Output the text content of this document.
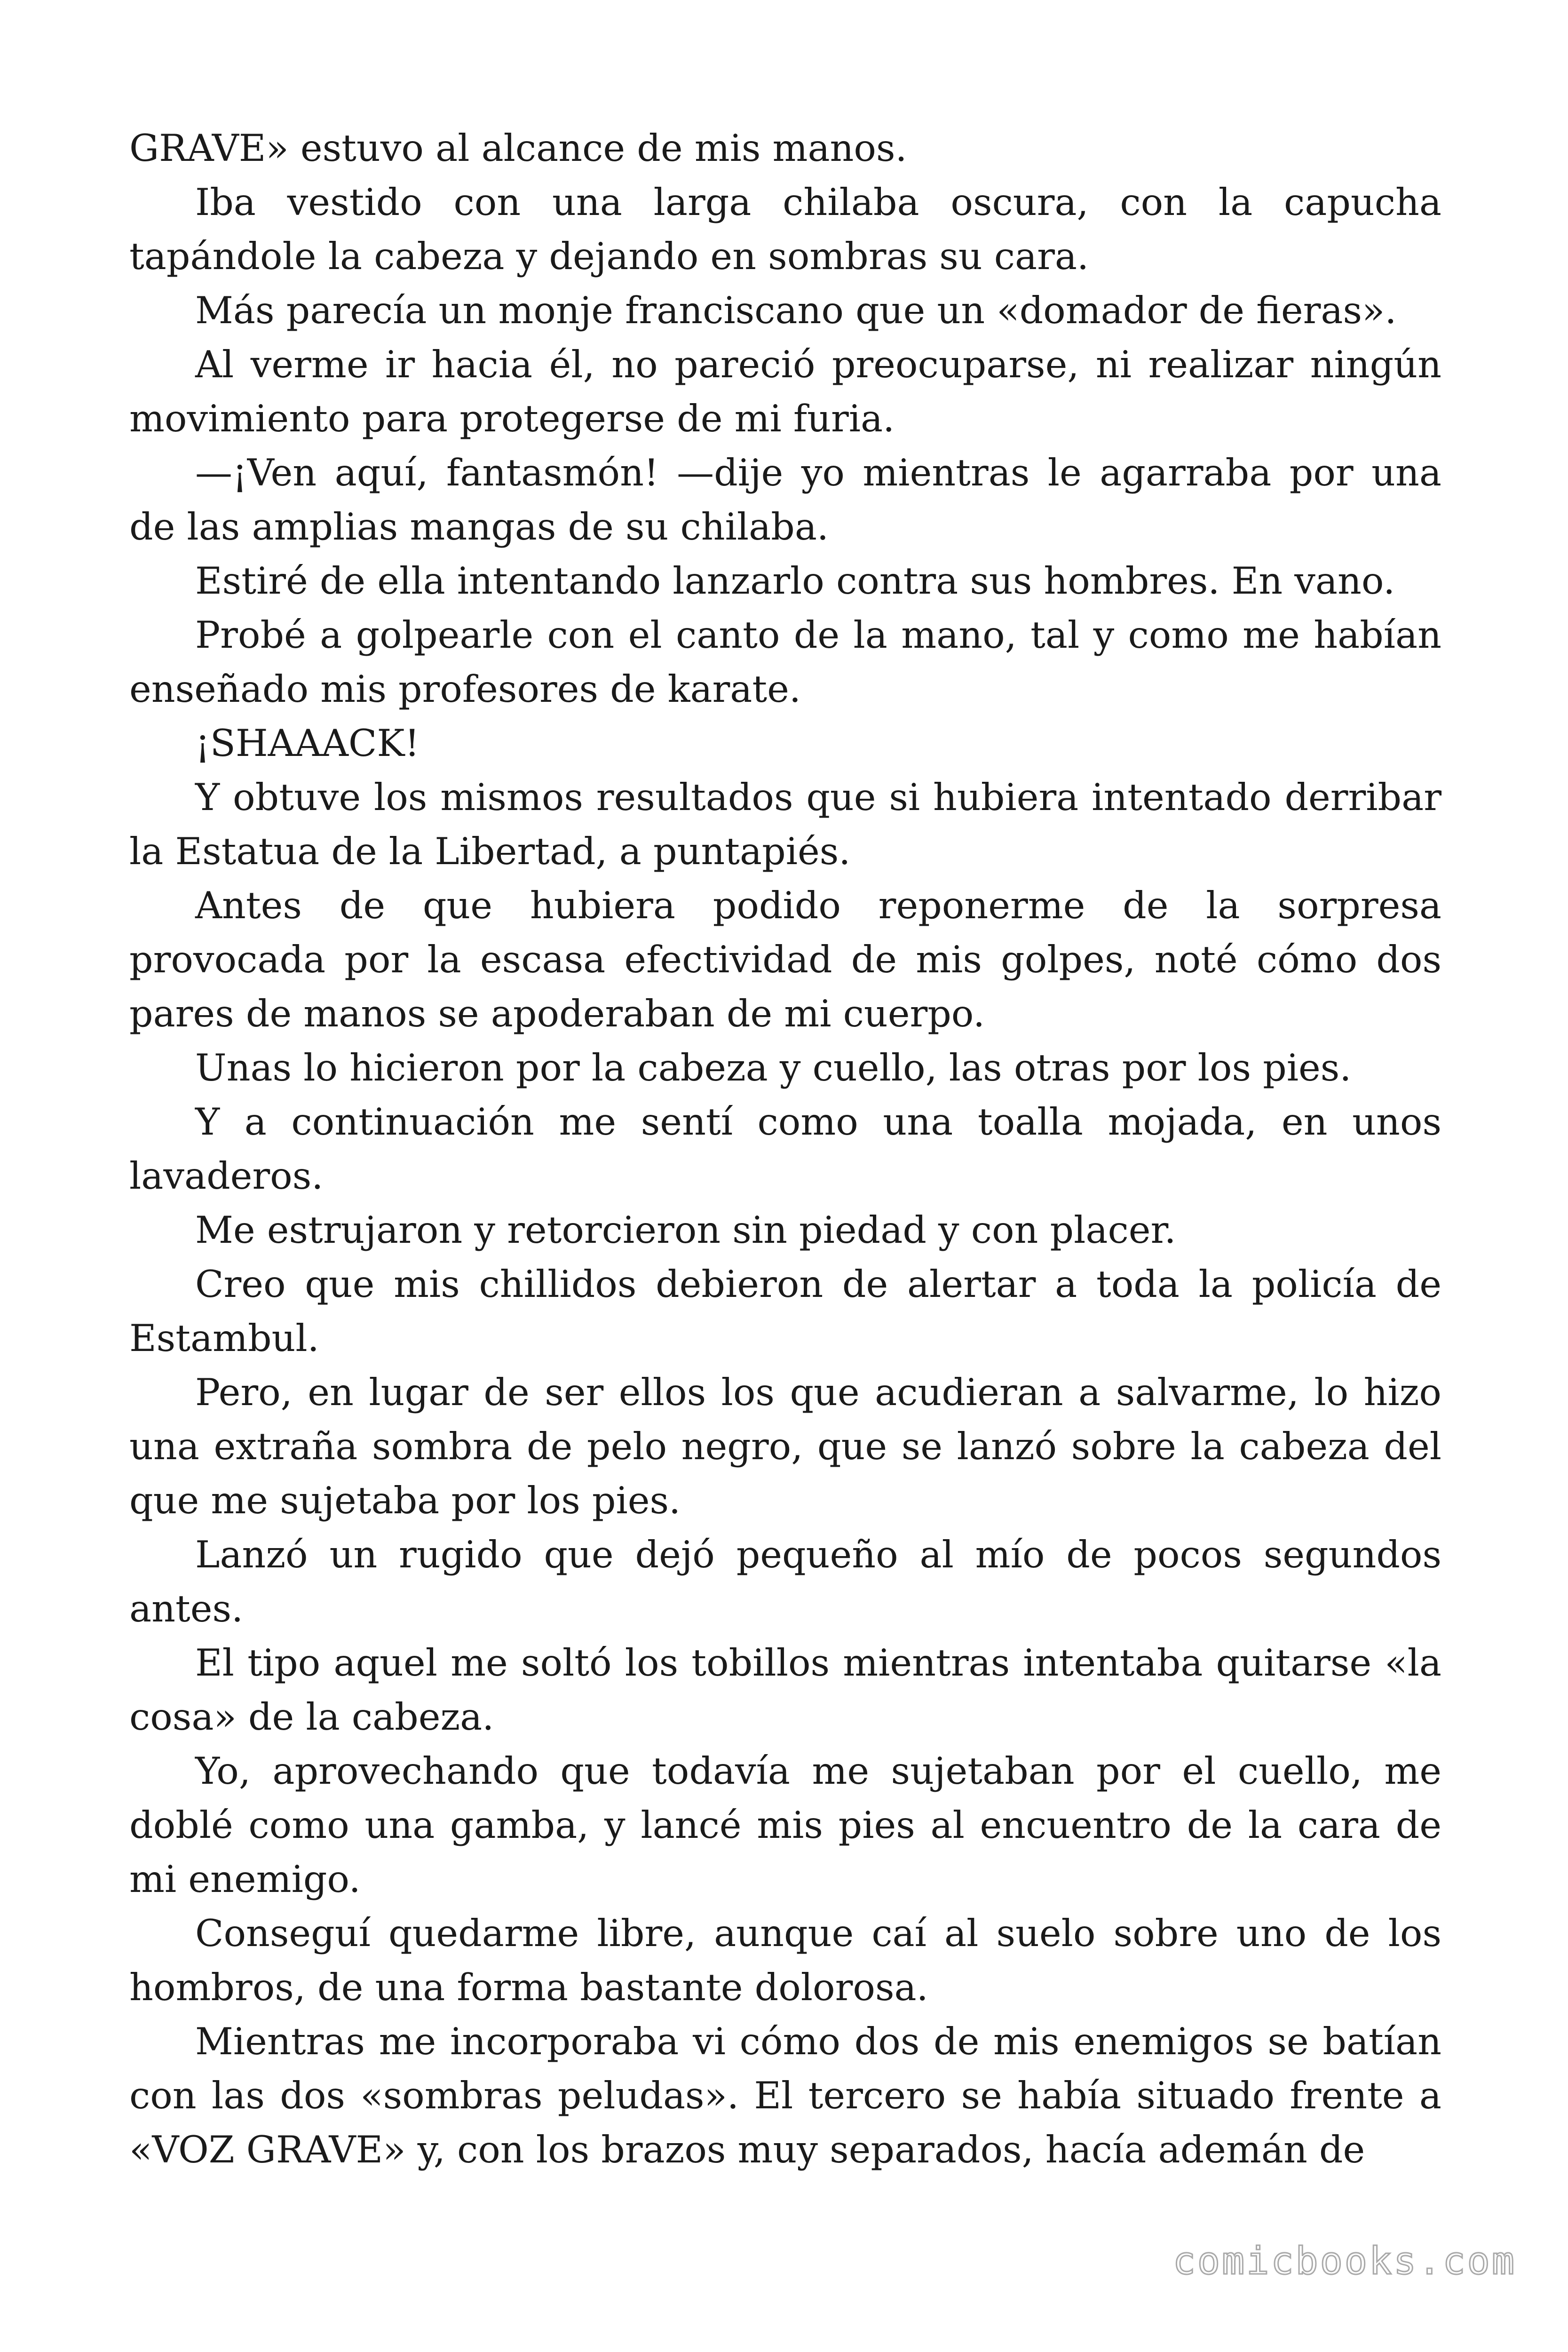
GRAVE» estuvo al alcance de mis manos.

Iba vestido con una larga chilaba oscura, con la capucha tapándole la cabeza y dejando en sombras su cara.

Más parecía un monje franciscano que un «domador de fieras».

Al verme ir hacia él, no pareció preocuparse, ni realizar ningún movimiento para protegerse de mi furia.

—¡Ven aquí, fantasmón! —dije yo mientras le agarraba por una de las amplias mangas de su chilaba.

Estiré de ella intentando lanzarlo contra sus hombres. En vano.

Probé a golpearle con el canto de la mano, tal y como me habían enseñado mis profesores de karate.

¡SHAAACK!

Y obtuve los mismos resultados que si hubiera intentado derribar la Estatua de la Libertad, a puntapiés.

Antes de que hubiera podido reponerme de la sorpresa provocada por la escasa efectividad de mis golpes, noté cómo dos pares de manos se apoderaban de mi cuerpo.

Unas lo hicieron por la cabeza y cuello, las otras por los pies.

Y a continuación me sentí como una toalla mojada, en unos lavaderos.

Me estrujaron y retorcieron sin piedad y con placer.

Creo que mis chillidos debieron de alertar a toda la policía de Estambul.

Pero, en lugar de ser ellos los que acudieran a salvarme, lo hizo una extraña sombra de pelo negro, que se lanzó sobre la cabeza del que me sujetaba por los pies.

Lanzó un rugido que dejó pequeño al mío de pocos segundos antes.

El tipo aquel me soltó los tobillos mientras intentaba quitarse «la cosa» de la cabeza.

Yo, aprovechando que todavía me sujetaban por el cuello, me doblé como una gamba, y lancé mis pies al encuentro de la cara de mi enemigo.

Conseguí quedarme libre, aunque caí al suelo sobre uno de los hombros, de una forma bastante dolorosa.

Mientras me incorporaba vi cómo dos de mis enemigos se batían con las dos «sombras peludas». El tercero se había situado frente a «VOZ GRAVE» y, con los brazos muy separados, hacía ademán de

comicbooks.com
